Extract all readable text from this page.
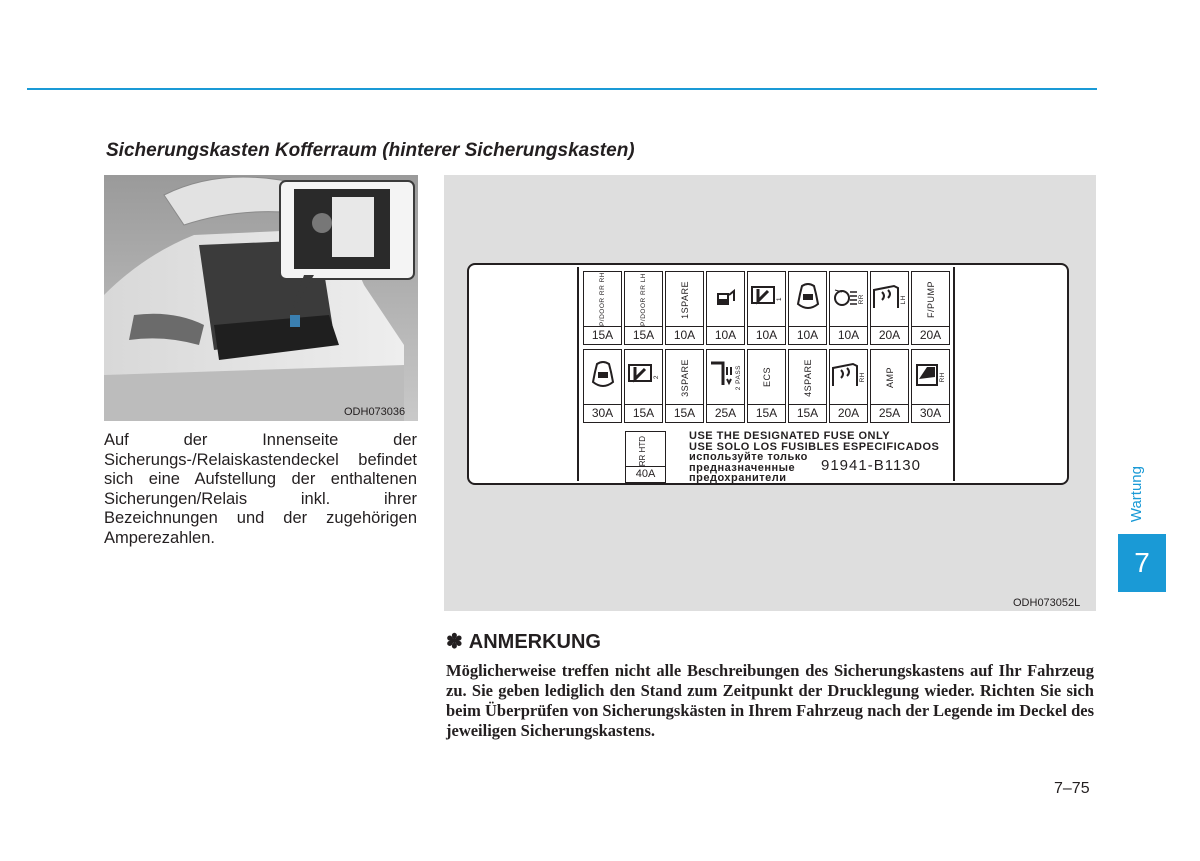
Sicherungskasten Kofferraum (hinterer Sicherungskasten)
ODH073036

Auf der Innenseite der Sicherungs-/Relaiskastendeckel befindet sich eine Aufstellung der enthaltenen Sicherungen/Relais inkl. ihrer Bezeichnungen und der zugehörigen Amperezahlen.

P/DOOR RR RH
15A
P/DOOR RR LH
15A
1SPARE
10A	10A
1
10A	10A
RR
10A
LH
20A
F/PUMP
20A
30A
2
15A
3SPARE
15A
2 PASS
25A
ECS
15A
4SPARE
15A
RH
20A
AMP
25A
RH
30A
RR HTD
40A
USE THE DESIGNATED FUSE ONLY
USE SOLO LOS FUSIBLES ESPECIFICADOS
используйте только
предназначенные
предохранители
91941-B1130
ODH073052L
✽ ANMERKUNG

Möglicherweise treffen nicht alle Beschreibungen des Sicherungskastens auf Ihr Fahrzeug zu. Sie geben lediglich den Stand zum Zeitpunkt der Drucklegung wieder. Richten Sie sich beim Überprüfen von Sicherungskästen in Ihrem Fahrzeug nach der Legende im Deckel des jeweiligen Sicherungskastens.

Wartung
7
7–75
